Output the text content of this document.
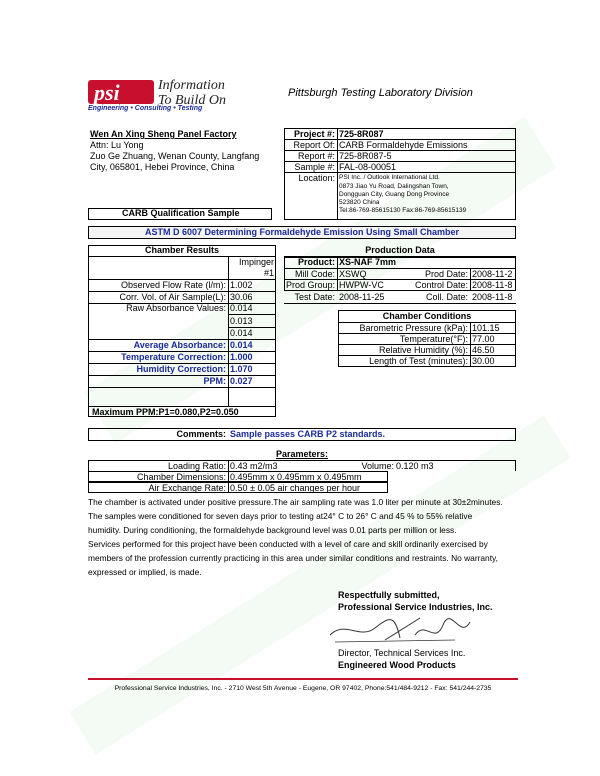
psi	Information
To Build On
Engineering • Consulting • Testing
Pittsburgh Testing Laboratory Division
Wen An Xing Sheng Panel Factory
Attn: Lu Yong
Zuo Ge Zhuang, Wenan County, Langfang
City, 065801, Hebei Province, China
CARB Qualification Sample
Project #: 725-8R087
Report Of: CARB Formaldehyde Emissions
Report #: 725-8R087-5
Sample #: FAL-08-00051
Location: PSI Inc. / Outlook International Ltd.
0873 Jiao Yu Road, Dalingshan Town,
Dongguan City, Guang Dong Province
523820 China
Tel:86-769-85615130 Fax:86-769-85615139
ASTM D 6007 Determining Formaldehyde Emission Using Small Chamber
Chamber Results
Impinger
#1
Observed Flow Rate (l/m): 1.002
Corr. Vol. of Air Sample(L): 30.06
Raw Absorbance Values: 0.014
0.013
0.014
Average Absorbance: 0.014
Temperature Correction: 1.000
Humidity Correction: 1.070
PPM: 0.027
Maximum PPM:P1=0.080,P2=0.050
Production Data
Product: XS-NAF 7mm
Mill Code: XSWQ	Prod Date: 2008-11-2
Prod Group: HWPW-VC	Control Date: 2008-11-8
Test Date: 2008-11-25	Coll. Date: 2008-11-8
Chamber Conditions
Barometric Pressure (kPa): 101.15
Temperature(°F): 77.00
Relative Humidity (%): 46.50
Length of Test (minutes): 30.00
Comments: Sample passes CARB P2 standards.
Parameters:
Loading Ratio: 0.43 m2/m3	Volume: 0.120 m3
Chamber Dimensions: 0.495mm x 0.495mm x 0.495mm
Air Exchange Rate: 0.50 ± 0.05 air changes per hour
The chamber is activated under positive pressure.The air sampling rate was 1.0 liter per minute at 30±2minutes.
The samples were conditioned for seven days prior to testing at24° C to 26° C and 45 % to 55% relative
humidity. During conditioning, the formaldehyde background level was 0.01 parts per million or less.
Services performed for this project have been conducted with a level of care and skill ordinarily exercised by
members of the profession currently practicing in this area under similar conditions and restraints. No warranty,
expressed or implied, is made.
Respectfully submitted,
Professional Service Industries, Inc.
Director, Technical Services Inc.
Engineered Wood Products
Professional Service Industries, Inc. - 2710 West 5th Avenue - Eugene, OR 97402, Phone:541/484-9212 - Fax: 541/244-2735
